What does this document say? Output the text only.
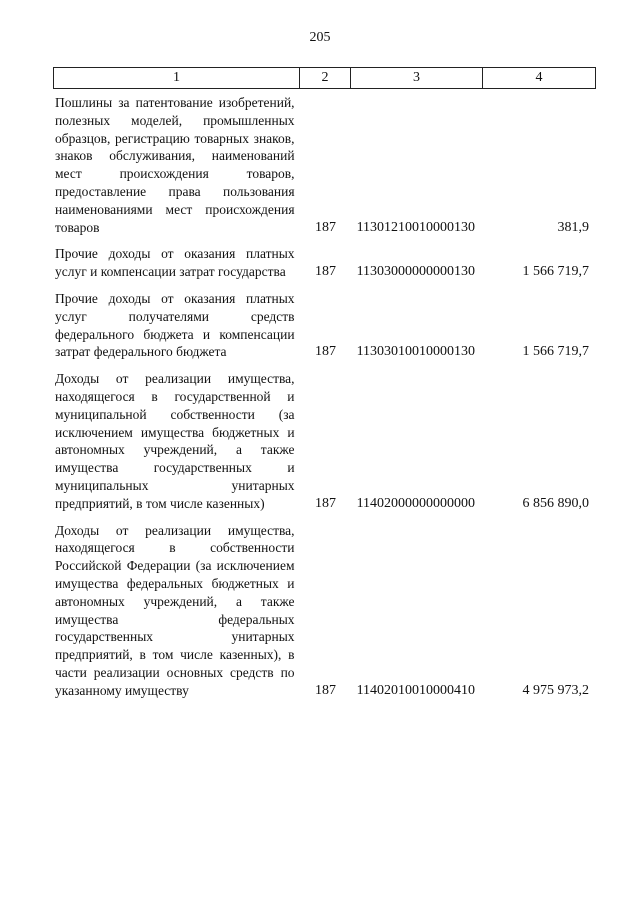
205
1	2	3	4
Пошлины за патентование изобретений, полезных моделей, промышленных образцов, регистрацию товарных знаков, знаков обслуживания, наименований мест происхождения товаров, предоставление права пользования наименованиями мест происхождения товаров	187	11301210010000130	381,9
Прочие доходы от оказания платных услуг и компенсации затрат государства	187	11303000000000130	1 566 719,7
Прочие доходы от оказания платных услуг получателями средств федерального бюджета и компенсации затрат федерального бюджета	187	11303010010000130	1 566 719,7
Доходы от реализации имущества, находящегося в государственной и муниципальной собственности (за исключением имущества бюджетных и автономных учреждений, а также имущества государственных и муниципальных унитарных предприятий, в том числе казенных)	187	11402000000000000	6 856 890,0
Доходы от реализации имущества, находящегося в собственности Российской Федерации (за исключением имущества федеральных бюджетных и автономных учреждений, а также имущества федеральных государственных унитарных предприятий, в том числе казенных), в части реализации основных средств по указанному имуществу	187	11402010010000410	4 975 973,2
